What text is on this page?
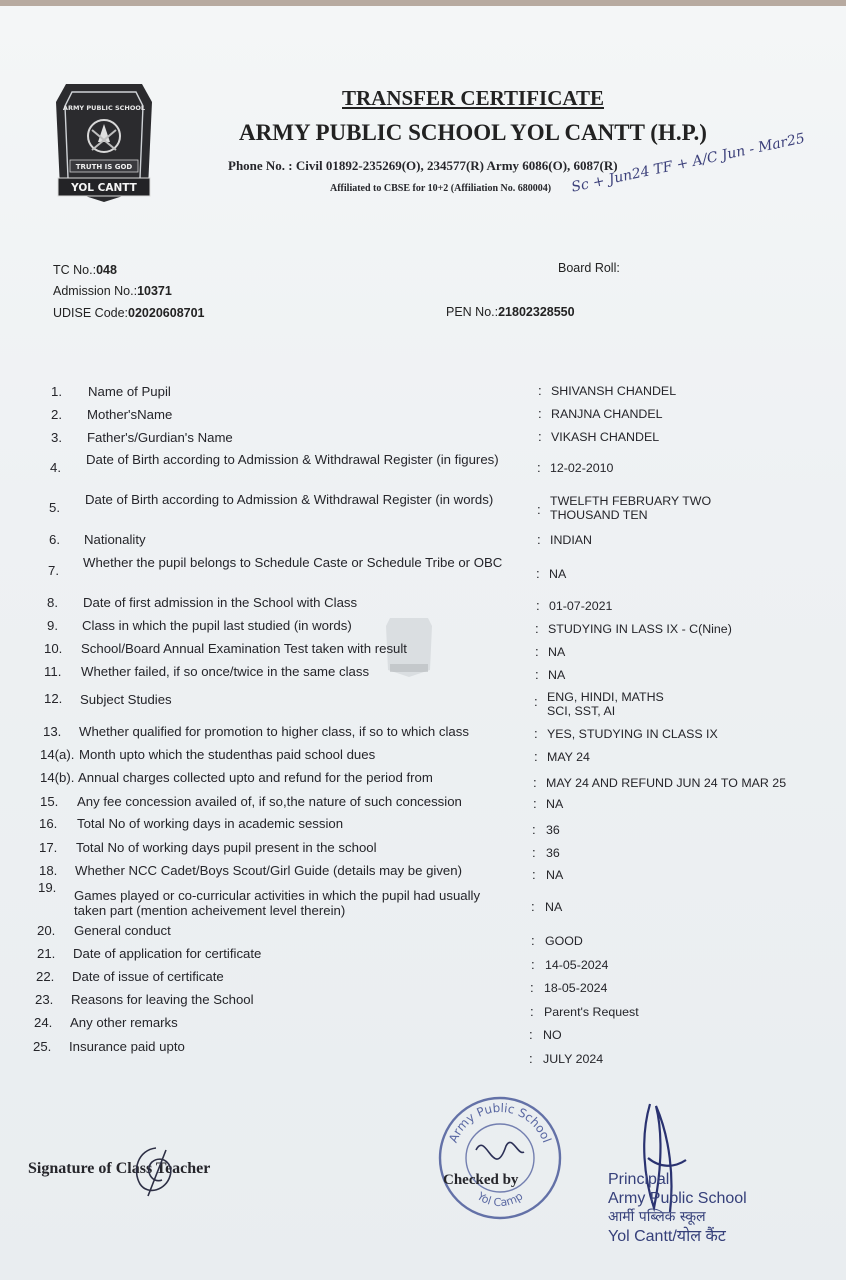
ARMY PUBLIC SCHOOL
TRUTH IS GOD
YOL CANTT
TRANSFER CERTIFICATE
ARMY PUBLIC SCHOOL YOL CANTT (H.P.)
Phone No. : Civil 01892-235269(O), 234577(R) Army 6086(O), 6087(R)
Affiliated to CBSE for 10+2 (Affiliation No. 680004) Sc + Jun24 TF + A/C Jun - Mar25
TC No.:048
Admission No.:10371
UDISE Code:02020608701
Board Roll:
PEN No.:21802328550
1. Name of Pupil	: SHIVANSH CHANDEL
2. Mother'sName	: RANJNA CHANDEL
3. Father's/Gurdian's Name	: VIKASH CHANDEL
4.
Date of Birth according to Admission & Withdrawal Register (in figures)
: 12-02-2010
5.
Date of Birth according to Admission & Withdrawal Register (in words)
:
TWELFTH FEBRUARY TWO THOUSAND TEN
6. Nationality	: INDIAN
7.
Whether the pupil belongs to Schedule Caste or Schedule Tribe or OBC
: NA
8. Date of first admission in the School with Class	: 01-07-2021
9. Class in which the pupil last studied (in words)	: STUDYING IN LASS IX - C(Nine)
10. School/Board Annual Examination Test taken with result	: NA
11. Whether failed, if so once/twice in the same class	: NA
12. Subject Studies	: ENG, HINDI, MATHS SCI, SST, AI
13. Whether qualified for promotion to higher class, if so to which class	: YES, STUDYING IN CLASS IX
14(a). Month upto which the studenthas paid school dues	: MAY 24
14(b). Annual charges collected upto and refund for the period from	: MAY 24 AND REFUND JUN 24 TO MAR 25
15. Any fee concession availed of, if so,the nature of such concession	: NA
16. Total No of working days in academic session	: 36
17. Total No of working days pupil present in the school	: 36
18. Whether NCC Cadet/Boys Scout/Girl Guide (details may be given)	: NA
19.
Games played or co-curricular activities in which the pupil had usually taken part (mention acheivement level therein)	: NA
20. General conduct
: GOOD
21. Date of application for certificate
: 14-05-2024
22. Date of issue of certificate
: 18-05-2024
23. Reasons for leaving the School
: Parent's Request
24. Any other remarks
: NO
25. Insurance paid upto
: JULY 2024
Signature of Class Teacher
Army Public School
Yol Camp
Checked by	Principal
Army Public School
आर्मी पब्लिक स्कूल
Yol Cantt/योल कैंट
